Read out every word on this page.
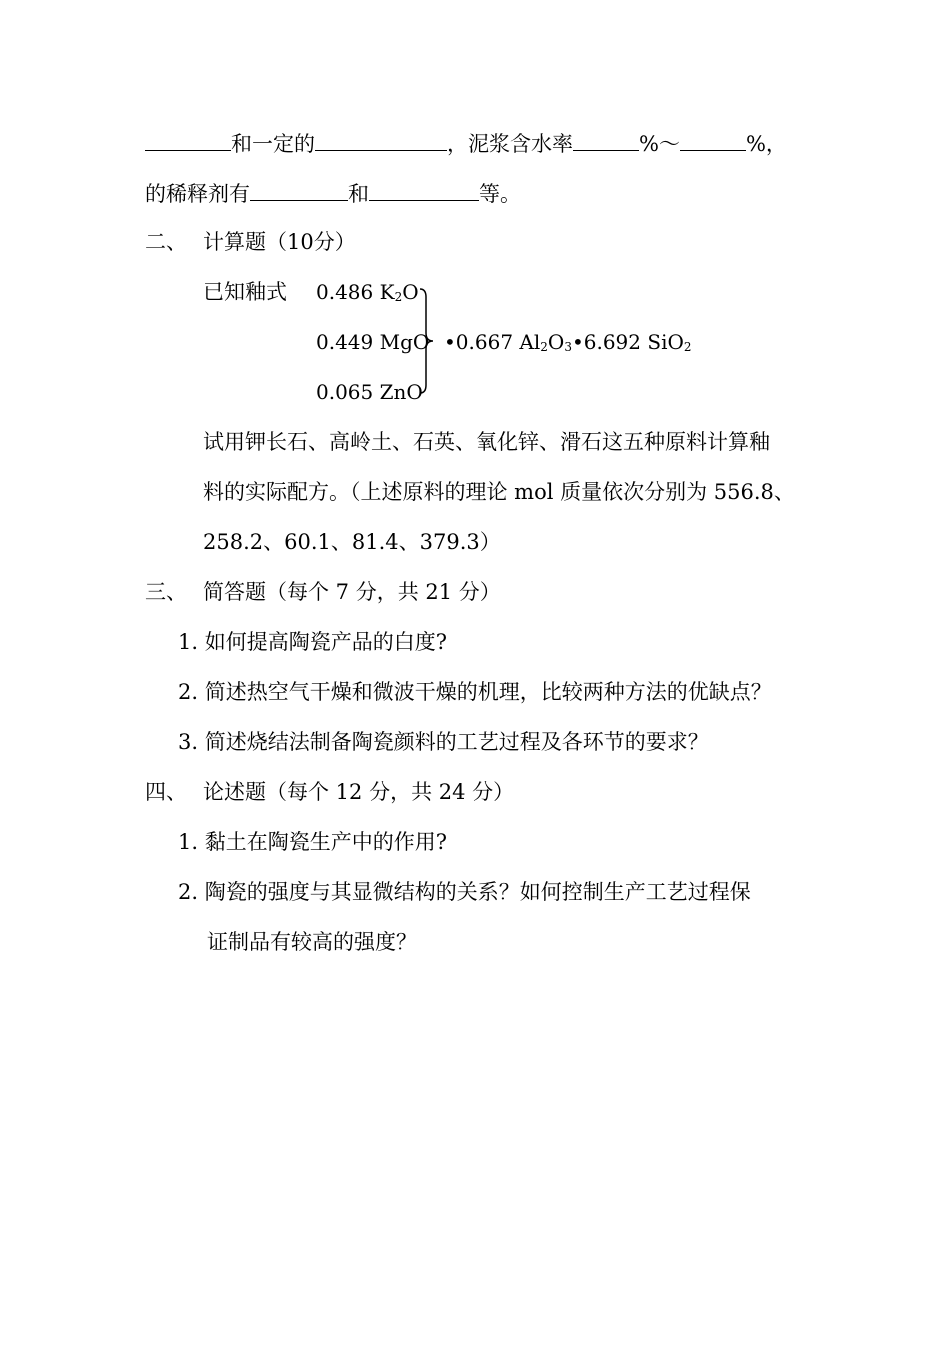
和一定的	，泥浆含水率	%～	%，
的稀释剂有	和	等。
二、 计算题（10分）
已知釉式 0.486 $K_2O$
0.449 MgO
0.065 ZnO
•0.667 $Al_2O_3•6.692$ SiO$_2$
试用钾长石、高岭土、石英、氧化锌、滑石这五种原料计算釉
料的实际配方。（上述原料的理论 mol 质量依次分别为 556.8、
258.2、60.1、81.4、379.3）
三、 简答题（每个 7 分，共 21 分）
1. 如何提高陶瓷产品的白度?
2. 简述热空气干燥和微波干燥的机理，比较两种方法的优缺点？
3. 简述烧结法制备陶瓷颜料的工艺过程及各环节的要求？
四、 论述题（每个 12 分，共 24 分）
1. 黏土在陶瓷生产中的作用?
2. 陶瓷的强度与其显微结构的关系？如何控制生产工艺过程保
证制品有较高的强度？
